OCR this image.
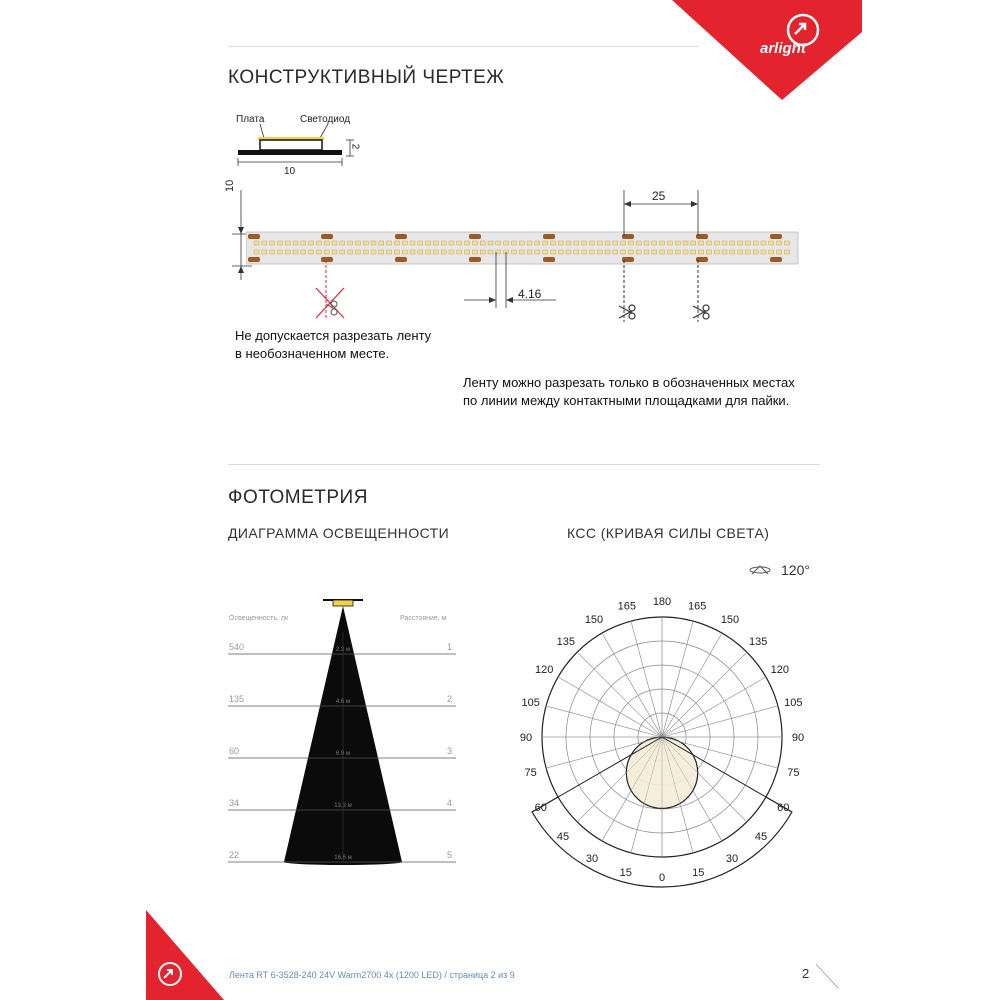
arlight
КОНСТРУКТИВНЫЙ ЧЕРТЕЖ
Плата	Светодиод
10
2
10
25
4.16
Не допускается разрезать ленту
в необозначенном месте.
Ленту можно разрезать только в обозначенных местах
по линии между контактными площадками для пайки.
ФОТОМЕТРИЯ
ДИАГРАММА ОСВЕЩЕННОСТИ	КСС (КРИВАЯ СИЛЫ СВЕТА)
540	1
2.3 м
135	2
4.6 м
60	3
6.9 м
34	4
13.3 м
22	5
16.6 м
Освещенность, лк	Расстояние, м
180
165
150
135
120
105
90
75
60
45
30
15 0
165
150
135
120
105
90
75
60
45
30
15
120°
Лента RT 6-3528-240 24V Warm2700 4x (1200 LED) / страница 2 из 9	2
